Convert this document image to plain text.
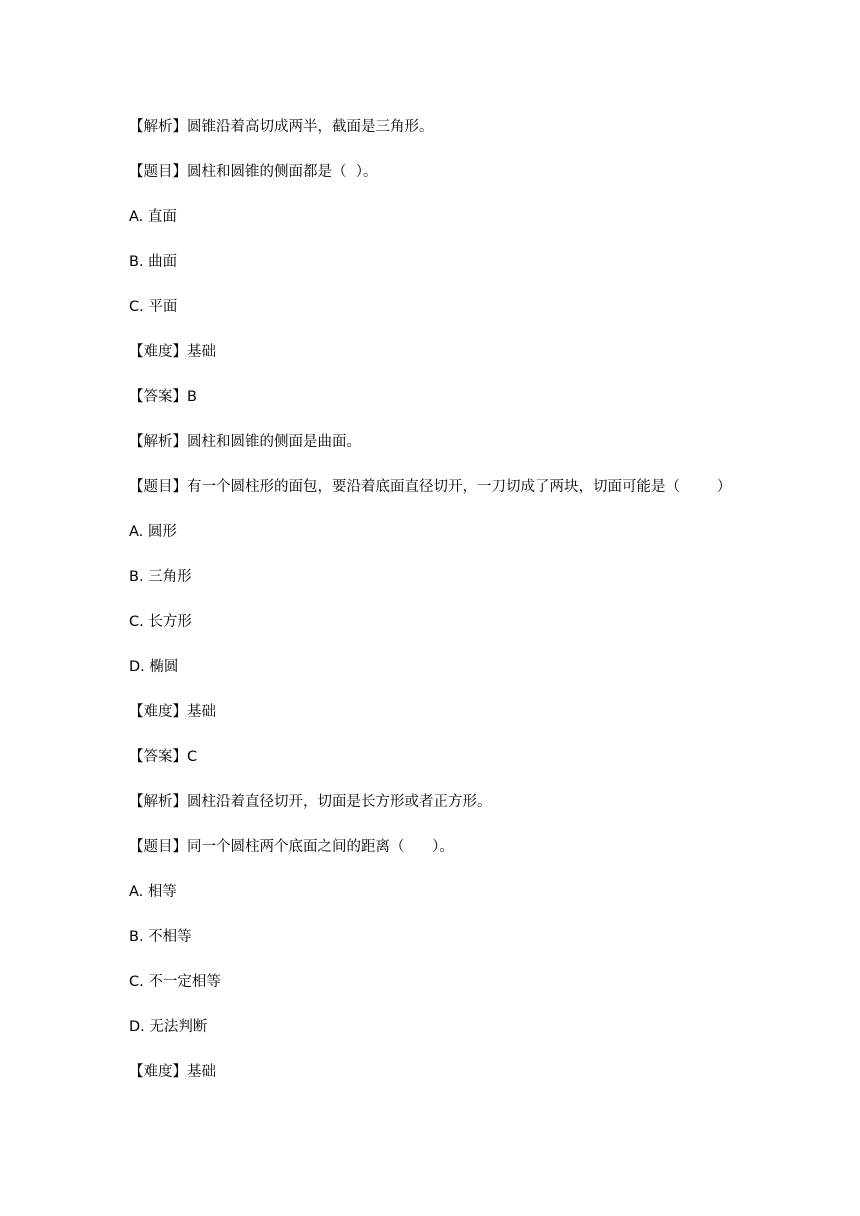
【解析】圆锥沿着高切成两半，截面是三角形。
【题目】圆柱和圆锥的侧面都是（  ）。
A. 直面
B. 曲面
C. 平面
【难度】基础
【答案】B
【解析】圆柱和圆锥的侧面是曲面。
【题目】有一个圆柱形的面包，要沿着底面直径切开，一刀切成了两块，切面可能是（        ）
A. 圆形
B. 三角形
C. 长方形
D. 椭圆
【难度】基础
【答案】C
【解析】圆柱沿着直径切开，切面是长方形或者正方形。
【题目】同一个圆柱两个底面之间的距离（      ）。
A. 相等
B. 不相等
C. 不一定相等
D. 无法判断
【难度】基础
